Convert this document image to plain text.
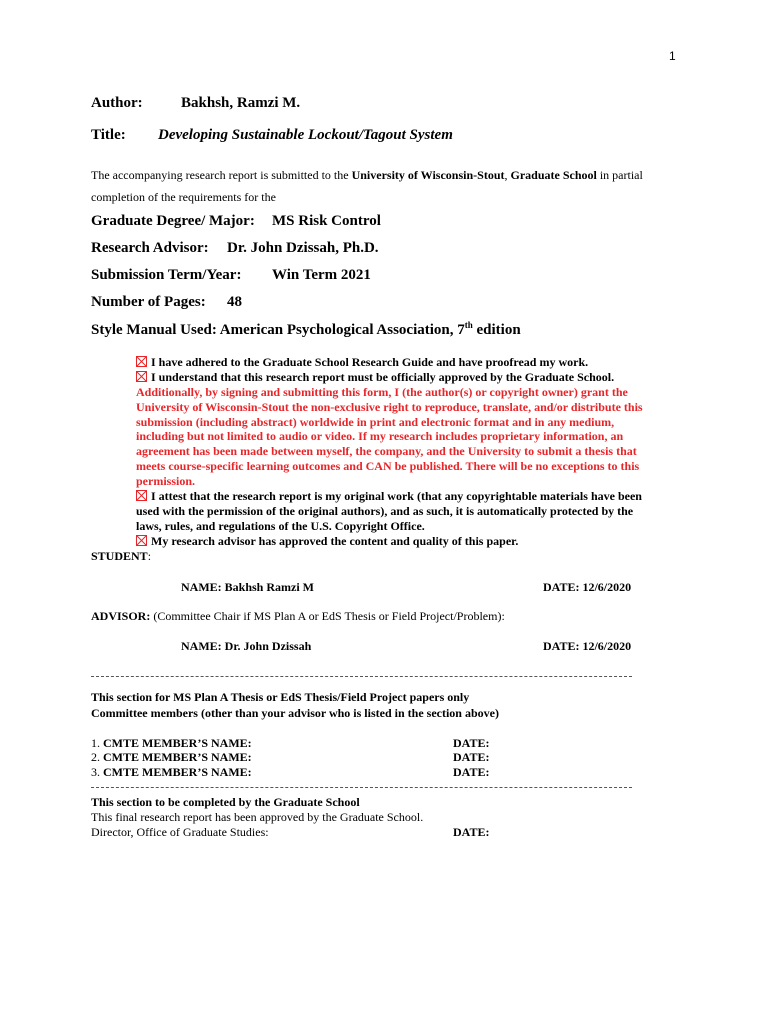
1
Author:	Bakhsh, Ramzi M.
Title: Developing Sustainable Lockout/Tagout System
The accompanying research report is submitted to the University of Wisconsin-Stout, Graduate School in partial
completion of the requirements for the
Graduate Degree/ Major: MS Risk Control
Research Advisor: Dr. John Dzissah, Ph.D.
Submission Term/Year: Win Term 2021
Number of Pages: 48
Style Manual Used: American Psychological Association, 7th edition
I have adhered to the Graduate School Research Guide and have proofread my work.
I understand that this research report must be officially approved by the Graduate School.
Additionally, by signing and submitting this form, I (the author(s) or copyright owner) grant the
University of Wisconsin-Stout the non-exclusive right to reproduce, translate, and/or distribute this
submission (including abstract) worldwide in print and electronic format and in any medium,
including but not limited to audio or video. If my research includes proprietary information, an
agreement has been made between myself, the company, and the University to submit a thesis that
meets course-specific learning outcomes and CAN be published. There will be no exceptions to this
permission.
I attest that the research report is my original work (that any copyrightable materials have been
used with the permission of the original authors), and as such, it is automatically protected by the
laws, rules, and regulations of the U.S. Copyright Office.
My research advisor has approved the content and quality of this paper.
STUDENT:
NAME: Bakhsh Ramzi M	DATE: 12/6/2020
ADVISOR: (Committee Chair if MS Plan A or EdS Thesis or Field Project/Problem):
NAME: Dr. John Dzissah	DATE: 12/6/2020
This section for MS Plan A Thesis or EdS Thesis/Field Project papers only
Committee members (other than your advisor who is listed in the section above)
1. CMTE MEMBER’S NAME:	DATE:
2. CMTE MEMBER’S NAME:	DATE:
3. CMTE MEMBER’S NAME:	DATE:
This section to be completed by the Graduate School
This final research report has been approved by the Graduate School.
Director, Office of Graduate Studies:	DATE:
